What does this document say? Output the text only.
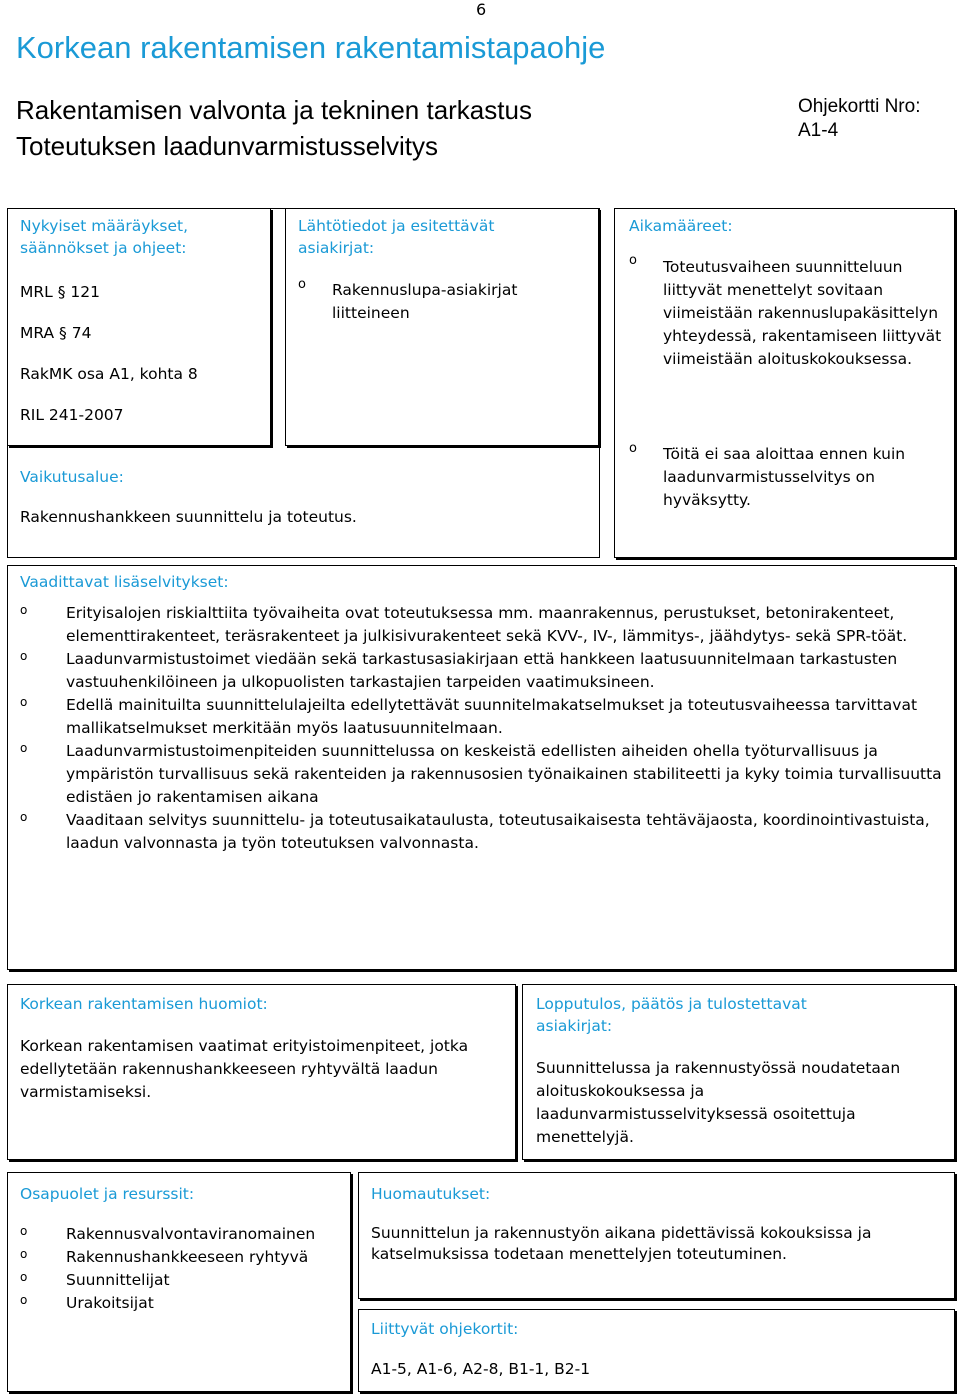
6
Korkean rakentamisen rakentamistapaohje
Rakentamisen valvonta ja tekninen tarkastus
Toteutuksen laadunvarmistusselvitys
Ohjekortti Nro:
A1-4
Nykyiset määräykset,
säännökset ja ohjeet:
MRL § 121
MRA § 74
RakMK osa A1, kohta 8
RIL 241-2007
Lähtötiedot ja esitettävät
asiakirjat:
o Rakennuslupa-asiakirjat liitteineen
Vaikutusalue:
Rakennushankkeen suunnittelu ja toteutus.
Aikamääreet:
o Toteutusvaiheen suunnitteluun liittyvät menettelyt sovitaan viimeistään rakennuslupakäsittelyn yhteydessä, rakentamiseen liittyvät viimeistään aloituskokouksessa.
o Töitä ei saa aloittaa ennen kuin laadunvarmistusselvitys on hyväksytty.
Vaadittavat lisäselvitykset:
o Erityisalojen riskialttiita työvaiheita ovat toteutuksessa mm. maanrakennus, perustukset, betonirakenteet, elementtirakenteet, teräsrakenteet ja julkisivurakenteet sekä KVV-, IV-, lämmitys-, jäähdytys- sekä SPR-töät.
o Laadunvarmistustoimet viedään sekä tarkastusasiakirjaan että hankkeen laatusuunnitelmaan tarkastusten vastuuhenkilöineen ja ulkopuolisten tarkastajien tarpeiden vaatimuksineen.
o Edellä mainituilta suunnittelulajeilta edellytettävät suunnitelmakatselmukset ja toteutusvaiheessa tarvittavat mallikatselmukset merkitään myös laatusuunnitelmaan.
o Laadunvarmistustoimenpiteiden suunnittelussa on keskeistä edellisten aiheiden ohella työturvallisuus ja ympäristön turvallisuus sekä rakenteiden ja rakennusosien työnaikainen stabiliteetti ja kyky toimia turvallisuutta edistäen jo rakentamisen aikana
o Vaaditaan selvitys suunnittelu- ja toteutusaikataulusta, toteutusaikaisesta tehtäväjaosta, koordinointivastuista, laadun valvonnasta ja työn toteutuksen valvonnasta.
Korkean rakentamisen huomiot:
Korkean rakentamisen vaatimat erityistoimenpiteet, jotka edellytetään rakennushankkeeseen ryhtyvältä laadun varmistamiseksi.
Lopputulos, päätös ja tulostettavat asiakirjat:
Suunnittelussa ja rakennustyössä noudatetaan aloituskokouksessa ja laadunvarmistusselvityksessä osoitettuja menettelyjä.
Osapuolet ja resurssit:
o Rakennusvalvontaviranomainen
o Rakennushankkeeseen ryhtyvä
o Suunnittelijat
o Urakoitsijat
Huomautukset:
Suunnittelun ja rakennustyön aikana pidettävissä kokouksissa ja katselmuksissa todetaan menettelyjen toteutuminen.
Liittyvät ohjekortit:
A1-5, A1-6, A2-8, B1-1, B2-1
